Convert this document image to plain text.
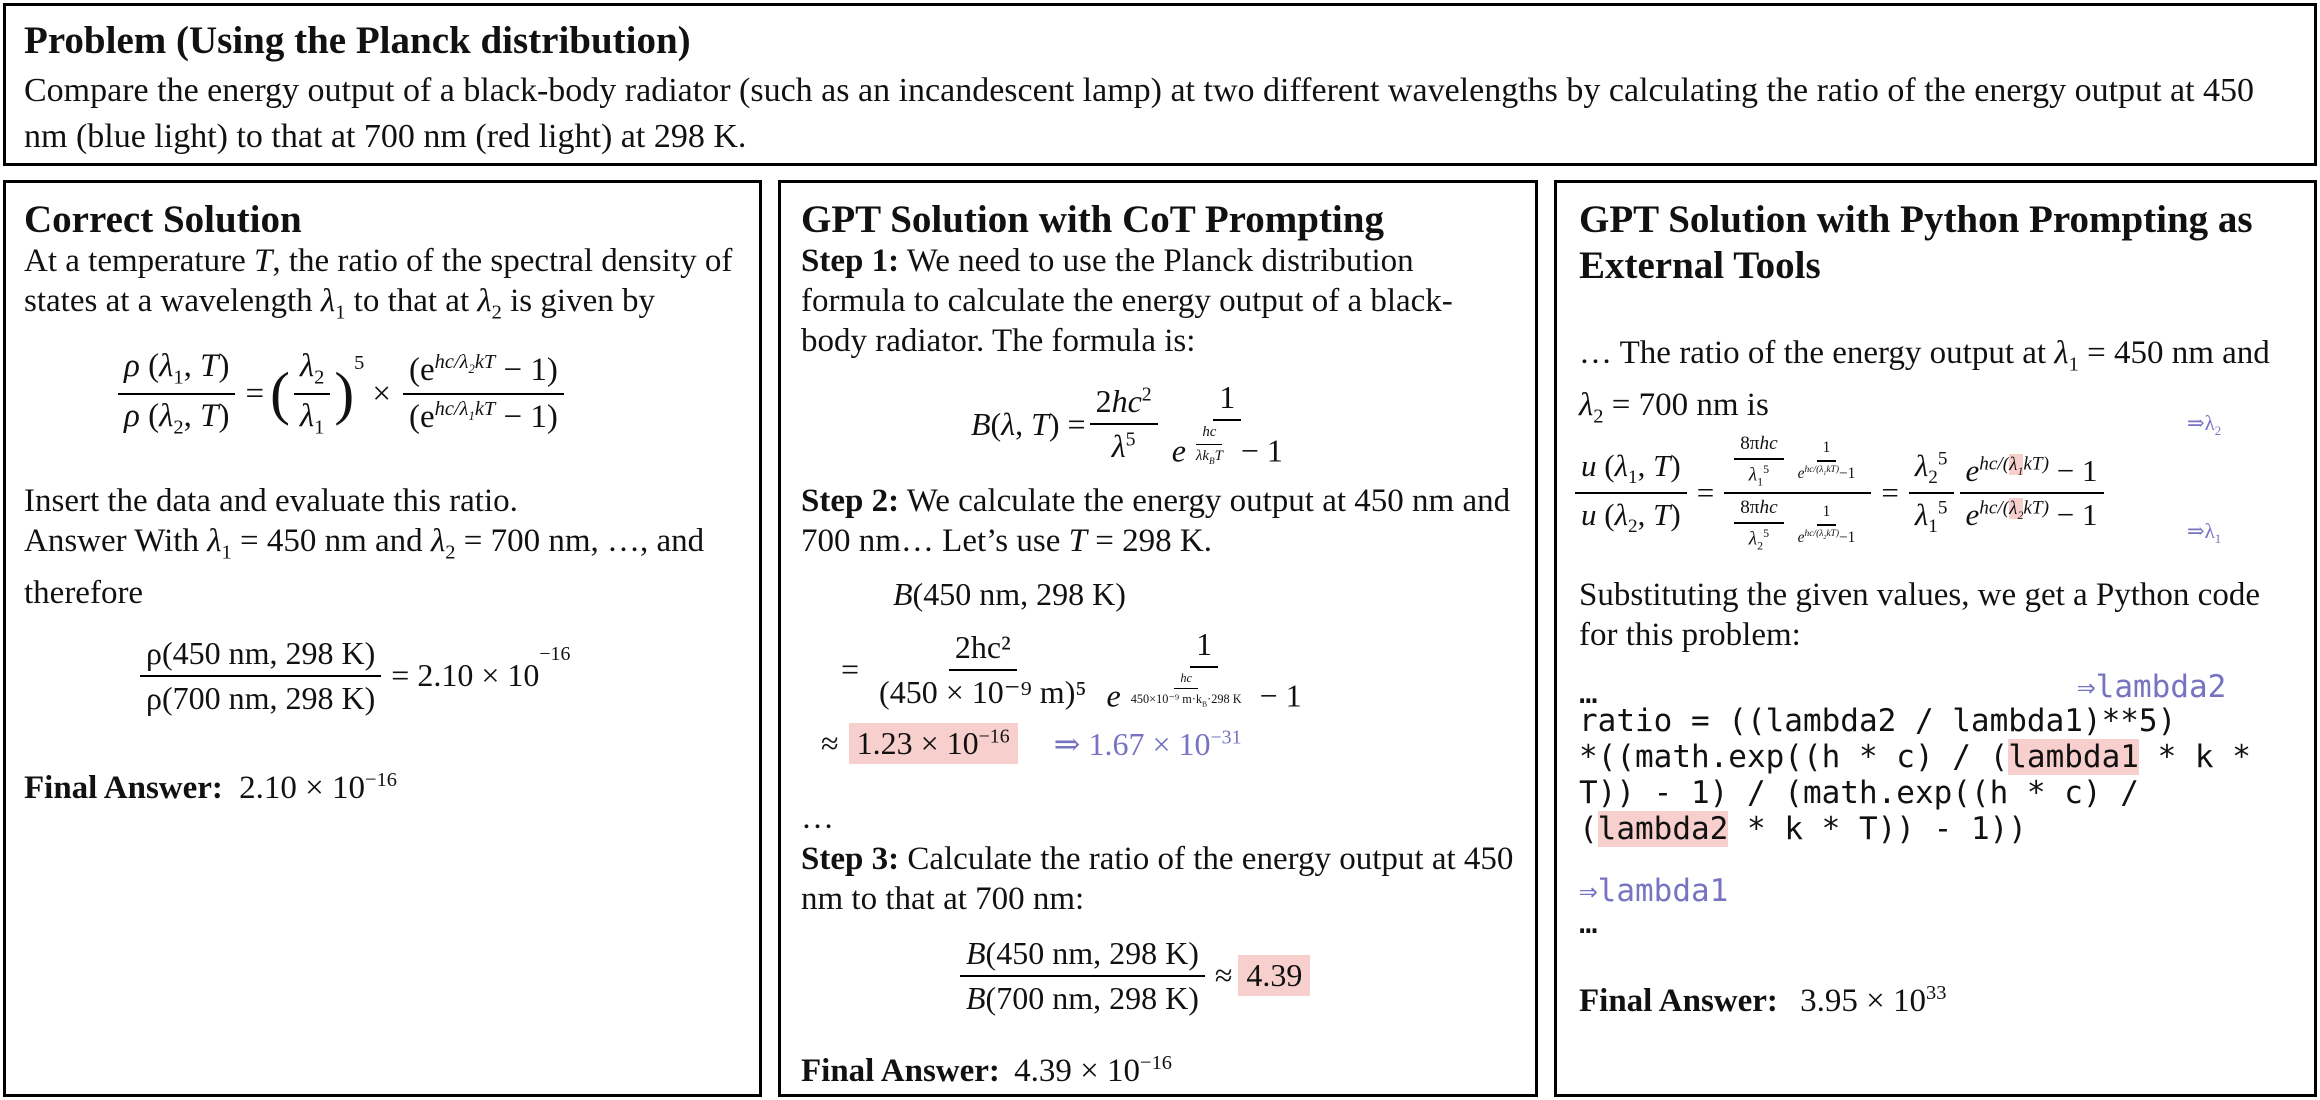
Problem (Using the Planck distribution)
Compare the energy output of a black-body radiator (such as an incandescent lamp) at two different wavelengths by calculating the ratio of the energy output at 450 nm (blue light) to that at 700 nm (red light) at 298 K.
Correct Solution
At a temperature T, the ratio of the spectral density of states at a wavelength $\lambda_1$ to that at $\lambda_2$ is given by
$\frac{\rho (\lambda_1, T)}{\rho (\lambda_2, T)}$ = ( $\frac{\lambda_2}{\lambda_1} )^5$
× $\frac{(e^{hc/\lambda_2kT} - 1)}{(e^{hc/\lambda_1kT} - 1)}$
Insert the data and evaluate this ratio.
Answer With $\lambda_1 = 450$ nm and $\lambda_2 = 700$ nm, …, and therefore
$\frac{\rho(450 nm, 298 K)}{\rho(700 nm, 298 K)} = 2.10 \times 10$
$^{-16}$
Final Answer: $2.10 \times 10^{-16}$
GPT Solution with CoT Prompting
Step 1: We need to use the Planck distribution formula to calculate the energy output of a black-body radiator. The formula is:
B(λ, $T) = \frac{2hc^2}{\lambda^5} 1$
e $^{\frac{hc}{\lambda k_BT}}$ − 1
Step 2: We calculate the energy output at 450 nm and 700 nm… Let’s use T = 298 K.
B(450 nm, 298 K)
= $\frac{\text{2hc²}}{\text{(450 × 10⁻⁹ m)⁵}} 1$
e $^{\frac{hc}{450\times 10^{-9} m\cdot k_B\cdot 298 K}}$ − 1
≈ $1.23 \times 10^{-16}$ ⇒ $1.67 \times 10^{-31}$
…
Step 3: Calculate the ratio of the energy output at 450 nm to that at 700 nm:
$\frac{B(450 nm, 298 K)}{B(700 nm, 298 K)} \approx 4.39$
Final Answer: $4.39 \times 10^{-16}$
GPT Solution with Python Prompting as External Tools
… The ratio of the energy output at $\lambda_1 = 450$ nm and $\lambda_2 = 700$ nm is
$\Rightarrow\lambda_2$
$\frac{u (\lambda_1, T)}{u (\lambda_2, T)} = \frac{\frac{\text{8πhc}}{\lambda_1^5} \frac{1}{e^{hc/(\lambda_1kT)}-1}}{\frac{\text{8πhc}}{\lambda_2^5} \frac{1}{e^{hc/(\lambda_2kT)}-1}} = \frac{\lambda_2^5}{\lambda_1^5} \frac{e^{hc/(\lambda_1kT)} - 1}{e^{hc/(\lambda_2kT)} - 1}$	$\Rightarrow\lambda_1$
Substituting the given values, we get a Python code for this problem:
…	⇒lambda2
ratio = ((lambda2 / lambda1)**5)
*((math.exp((h * c) / (lambda1 * k *
T)) - 1) / (math.exp((h * c) /
(lambda2 * k * T)) - 1))
⇒lambda1
…
Final Answer: $3.95 \times 10^{33}$
